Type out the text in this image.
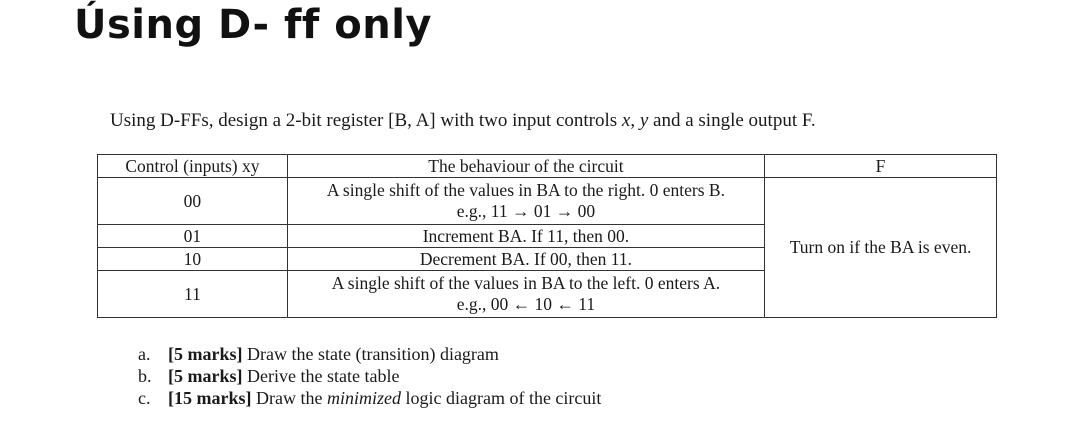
Úsing D- ff only
Using D-FFs, design a 2-bit register [B, A] with two input controls x, y and a single output F.
Control (inputs) xy	The behaviour of the circuit	F
00	A single shift of the values in BA to the right. 0 enters B.
e.g., 11 → 01 → 00	Turn on if the BA is even.
01	Increment BA. If 11, then 00.	
10	Decrement BA. If 00, then 11.	
11	A single shift of the values in BA to the left. 0 enters A.
e.g., 00 ← 10 ← 11	
a. [5 marks] Draw the state (transition) diagram
b. [5 marks] Derive the state table
c. [15 marks] Draw the minimized logic diagram of the circuit
